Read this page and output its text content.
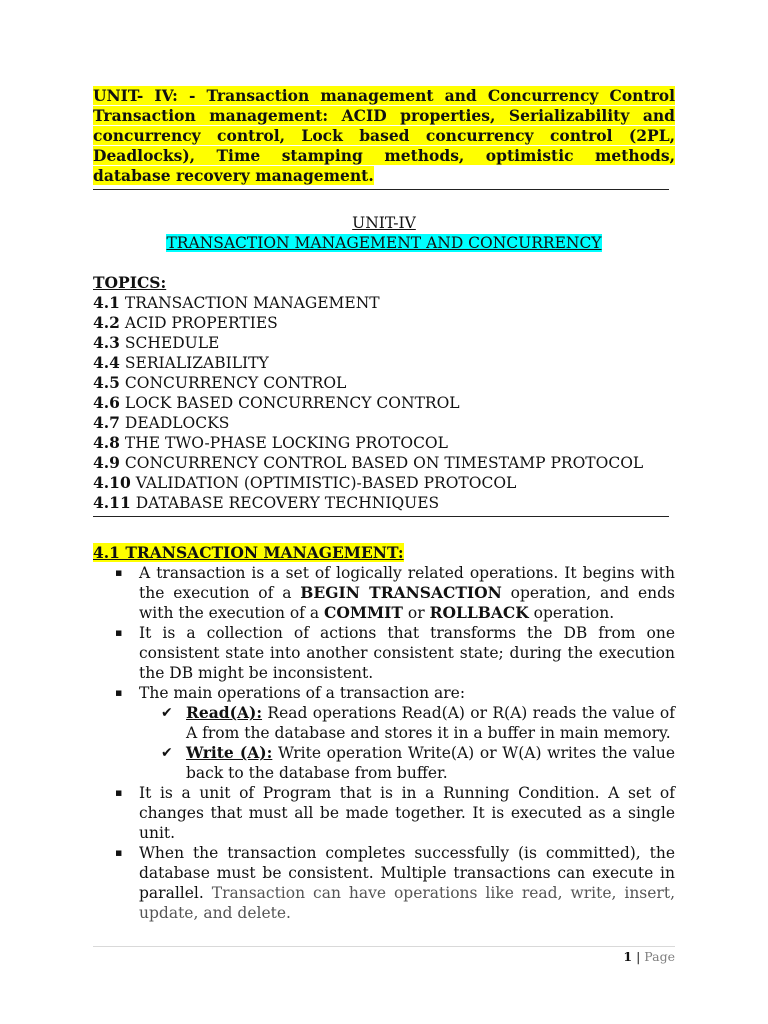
UNIT- IV: - Transaction management and Concurrency Control Transaction management: ACID properties, Serializability and concurrency control, Lock based concurrency control (2PL, Deadlocks), Time stamping methods, optimistic methods, database recovery management.
UNIT-IV
TRANSACTION MANAGEMENT AND CONCURRENCY
TOPICS:
4.1 TRANSACTION MANAGEMENT
4.2 ACID PROPERTIES
4.3 SCHEDULE
4.4 SERIALIZABILITY
4.5 CONCURRENCY CONTROL
4.6 LOCK BASED CONCURRENCY CONTROL
4.7 DEADLOCKS
4.8 THE TWO-PHASE LOCKING PROTOCOL
4.9 CONCURRENCY CONTROL BASED ON TIMESTAMP PROTOCOL
4.10 VALIDATION (OPTIMISTIC)-BASED PROTOCOL
4.11 DATABASE RECOVERY TECHNIQUES
4.1 TRANSACTION MANAGEMENT:
▪ A transaction is a set of logically related operations. It begins with the execution of a BEGIN TRANSACTION operation, and ends with the execution of a COMMIT or ROLLBACK operation.
▪ It is a collection of actions that transforms the DB from one consistent state into another consistent state; during the execution the DB might be inconsistent.
▪ The main operations of a transaction are:
✔ Read(A): Read operations Read(A) or R(A) reads the value of A from the database and stores it in a buffer in main memory.
✔ Write (A): Write operation Write(A) or W(A) writes the value back to the database from buffer.
▪ It is a unit of Program that is in a Running Condition. A set of changes that must all be made together. It is executed as a single unit.
▪ When the transaction completes successfully (is committed), the database must be consistent. Multiple transactions can execute in parallel. Transaction can have operations like read, write, insert, update, and delete.
1 | Page
